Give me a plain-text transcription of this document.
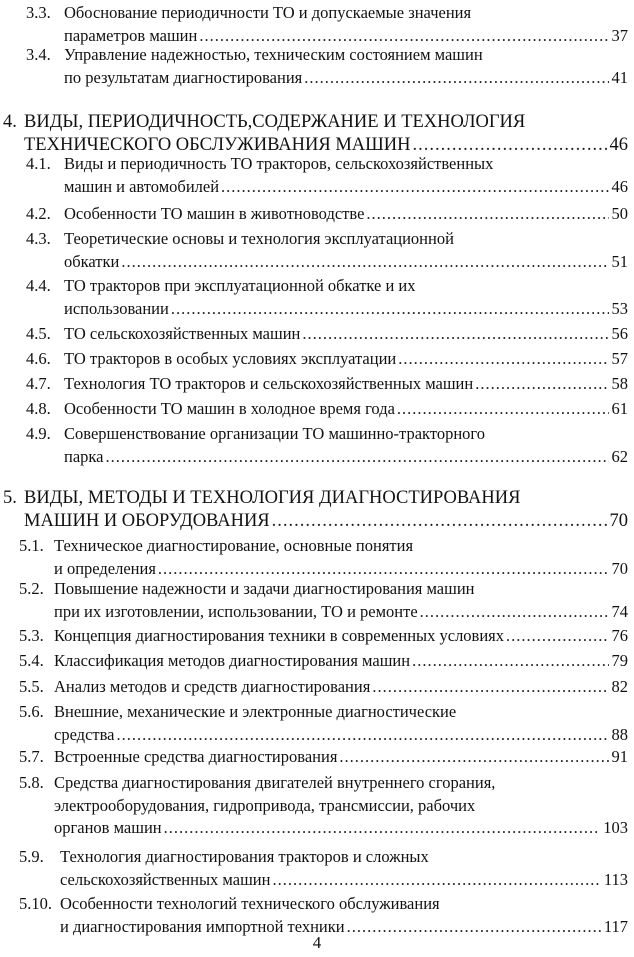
3.3. Обоснование периодичности ТО и допускаемые значения
параметров машин .....	37
3.4. Управление надежностью, техническим состоянием машин
по результатам диагностирования .....	41
4. ВИДЫ, ПЕРИОДИЧНОСТЬ,СОДЕРЖАНИЕ И ТЕХНОЛОГИЯ
ТЕХНИЧЕСКОГО ОБСЛУЖИВАНИЯ МАШИН .....	46
4.1. Виды и периодичность ТО тракторов, сельскохозяйственных
машин и автомобилей .....	46
4.2. Особенности ТО машин в животноводстве .....	50
4.3. Теоретические основы и технология эксплуатационной
обкатки .....	51
4.4. ТО тракторов при эксплуатационной обкатке и их
использовании .....	53
4.5. ТО сельскохозяйственных машин .....	56
4.6. ТО тракторов в особых условиях эксплуатации .....	57
4.7. Технология ТО тракторов и сельскохозяйственных машин .....	58
4.8. Особенности ТО машин в холодное время года .....	61
4.9. Совершенствование организации ТО машинно-тракторного
парка .....	62
5. ВИДЫ, МЕТОДЫ И ТЕХНОЛОГИЯ ДИАГНОСТИРОВАНИЯ
МАШИН И ОБОРУДОВАНИЯ .....	70
5.1. Техническое диагностирование, основные понятия
и определения .....	70
5.2. Повышение надежности и задачи диагностирования машин
при их изготовлении, использовании, ТО и ремонте .....	74
5.3. Концепция диагностирования техники в современных условиях .....	76
5.4. Классификация методов диагностирования машин .....	79
5.5. Анализ методов и средств диагностирования .....	82
5.6. Внешние, механические и электронные диагностические
средства .....	88
5.7. Встроенные средства диагностирования .....	91
5.8. Средства диагностирования двигателей внутреннего сгорания,
электрооборудования, гидропривода, трансмиссии, рабочих
органов машин .....	103
5.9. Технология диагностирования тракторов и сложных
сельскохозяйственных машин .....	113
5.10. Особенности технологий технического обслуживания
и диагностирования импортной техники .....	117
4
